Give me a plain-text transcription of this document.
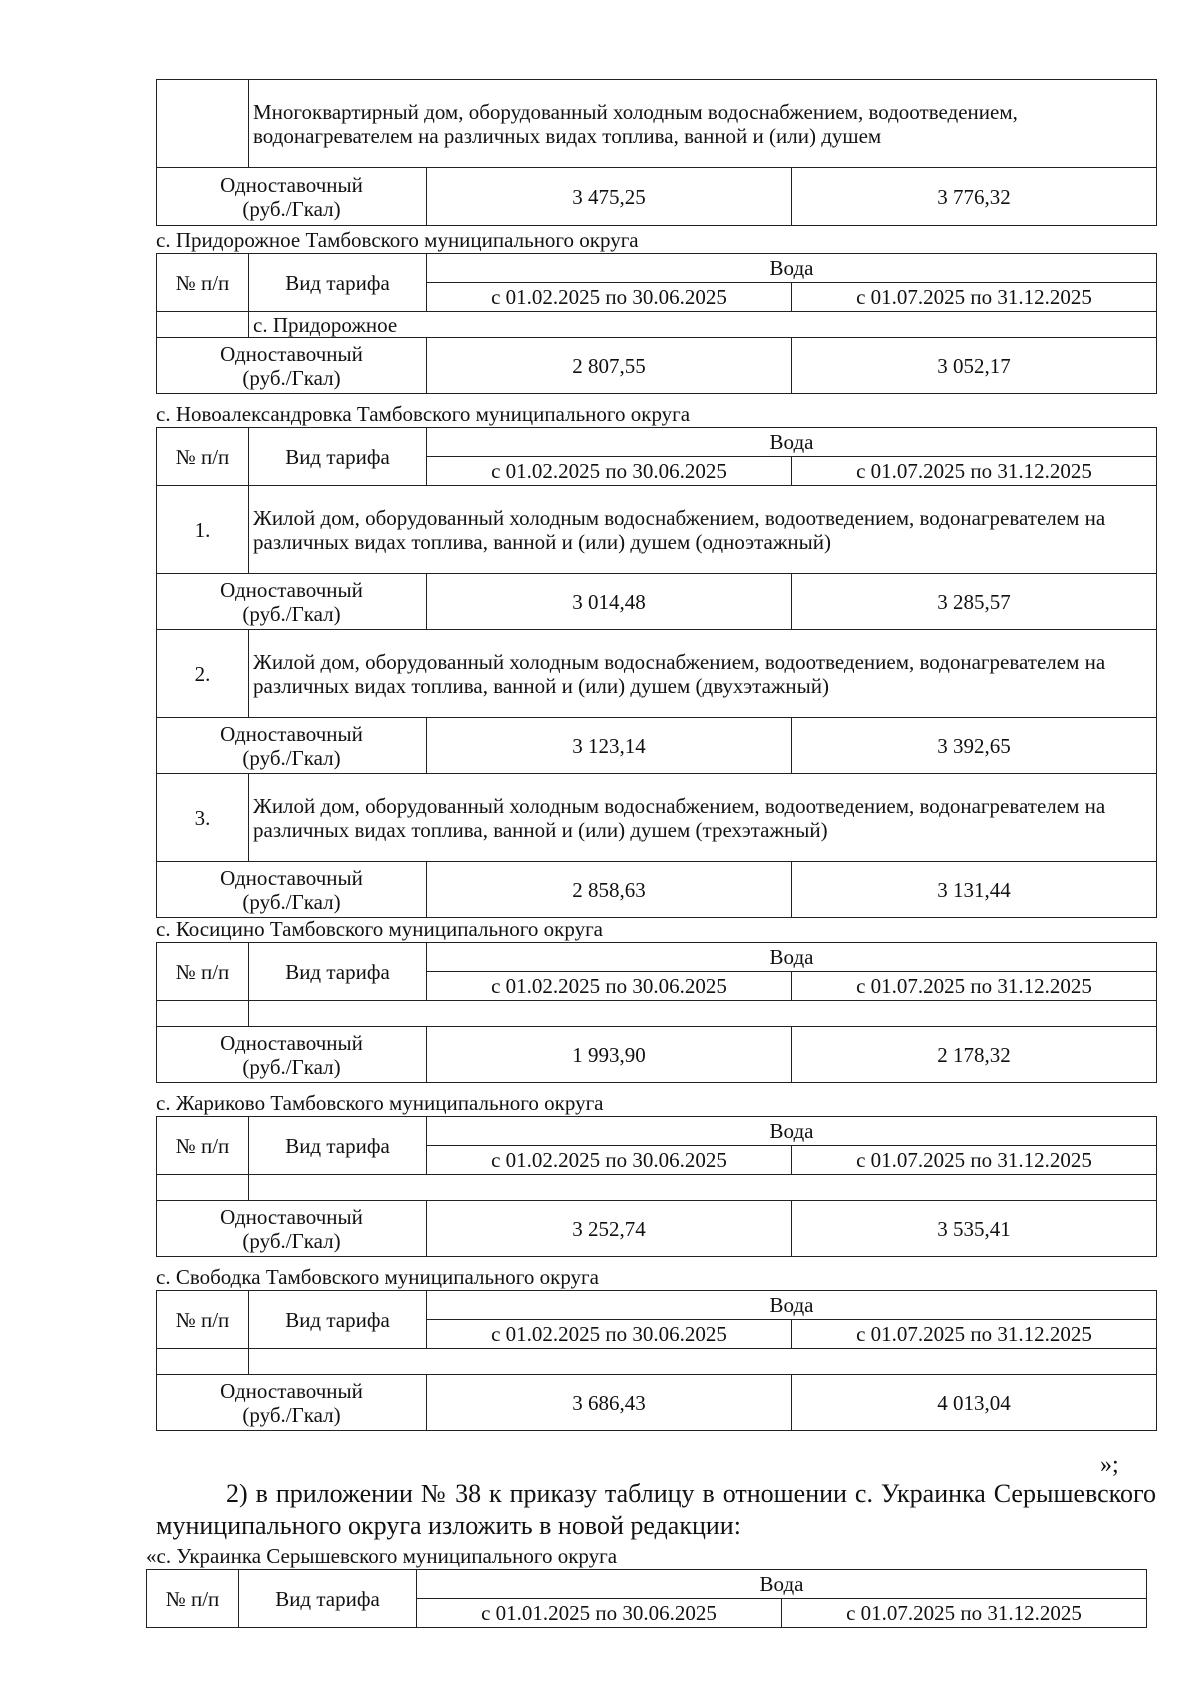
	Многоквартирный дом, оборудованный холодным водоснабжением, водоотведением, водонагревателем на различных видах топлива, ванной и (или) душем		
Одноставочный
(руб./Гкал)		3 475,25	3 776,32
с. Придорожное Тамбовского муниципального округа
№ п/п	Вид тарифа	Вода	
		с 01.02.2025 по 30.06.2025	с 01.07.2025 по 31.12.2025
	с. Придорожное		
Одноставочный
(руб./Гкал)		2 807,55	3 052,17
с. Новоалександровка Тамбовского муниципального округа
№ п/п	Вид тарифа	Вода	
		с 01.02.2025 по 30.06.2025	с 01.07.2025 по 31.12.2025
1.	Жилой дом, оборудованный холодным водоснабжением, водоотведением, водонагревателем на различных видах топлива, ванной и (или) душем (одноэтажный)		
Одноставочный
(руб./Гкал)		3 014,48	3 285,57
2.	Жилой дом, оборудованный холодным водоснабжением, водоотведением, водонагревателем на различных видах топлива, ванной и (или) душем (двухэтажный)		
Одноставочный
(руб./Гкал)		3 123,14	3 392,65
3.	Жилой дом, оборудованный холодным водоснабжением, водоотведением, водонагревателем на различных видах топлива, ванной и (или) душем (трехэтажный)		
Одноставочный
(руб./Гкал)		2 858,63	3 131,44
с. Косицино Тамбовского муниципального округа
№ п/п	Вид тарифа	Вода	
		с 01.02.2025 по 30.06.2025	с 01.07.2025 по 31.12.2025

Одноставочный
(руб./Гкал)		1 993,90	2 178,32
с. Жариково Тамбовского муниципального округа
№ п/п	Вид тарифа	Вода	
		с 01.02.2025 по 30.06.2025	с 01.07.2025 по 31.12.2025

Одноставочный
(руб./Гкал)		3 252,74	3 535,41
с. Свободка Тамбовского муниципального округа
№ п/п	Вид тарифа	Вода	
		с 01.02.2025 по 30.06.2025	с 01.07.2025 по 31.12.2025

Одноставочный
(руб./Гкал)		3 686,43	4 013,04
»;
2) в приложении № 38 к приказу таблицу в отношении с. Украинка Серышевского муниципального округа изложить в новой редакции:
«с. Украинка Серышевского муниципального округа
№ п/п	Вид тарифа	Вода	
		с 01.01.2025 по 30.06.2025	с 01.07.2025 по 31.12.2025
